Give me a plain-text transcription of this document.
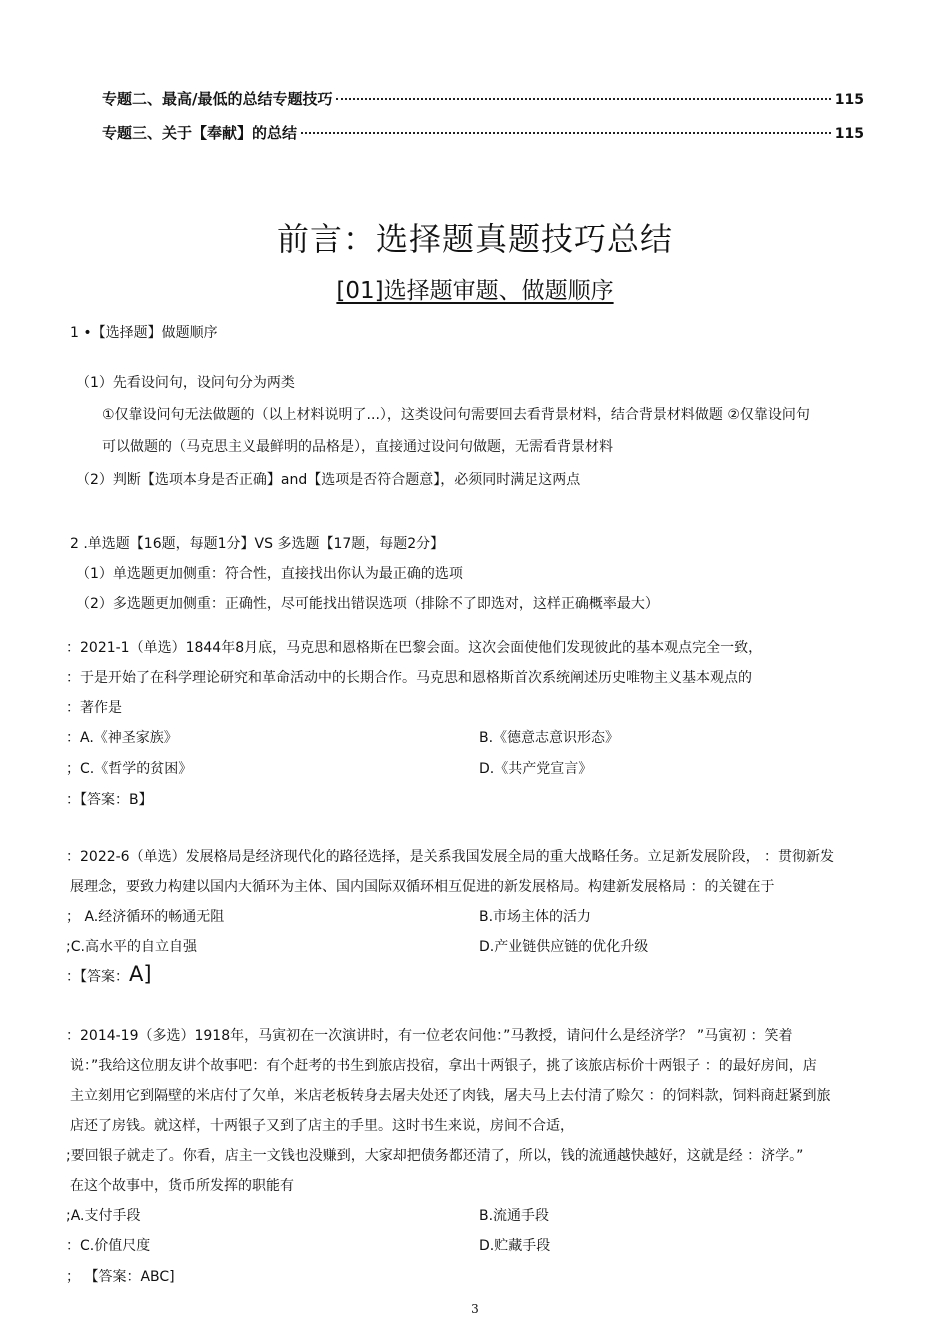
专题二、最高/最低的总结专题技巧	115
专题三、关于【奉献】的总结	115
前言：选择题真题技巧总结
[01]选择题审题、做题顺序
1 •【选择题】做题顺序
（1）先看设问句，设问句分为两类
①仅靠设问句无法做题的（以上材料说明了...），这类设问句需要回去看背景材料，结合背景材料做题 ②仅靠设问句
可以做题的（马克思主义最鲜明的品格是），直接通过设问句做题，无需看背景材料
（2）判断【选项本身是否正确】and【选项是否符合题意】，必须同时满足这两点
2 .单选题【16题，每题1分】VS 多选题【17题，每题2分】
（1）单选题更加侧重：符合性，直接找出你认为最正确的选项
（2）多选题更加侧重：正确性，尽可能找出错误选项（排除不了即选对，这样正确概率最大）
：2021-1（单选）1844年8月底，马克思和恩格斯在巴黎会面。这次会面使他们发现彼此的基本观点完全一致，
：于是开始了在科学理论研究和革命活动中的长期合作。马克思和恩格斯首次系统阐述历史唯物主义基本观点的
：著作是
：A.《神圣家族》	B.《德意志意识形态》
；C.《哲学的贫困》	D.《共产党宣言》
：【答案：B】
：2022-6（单选）发展格局是经济现代化的路径选择，是关系我国发展全局的重大战略任务。立足新发展阶段， ：贯彻新发
展理念，要致力构建以国内大循环为主体、国内国际双循环相互促进的新发展格局。构建新发展格局 ：的关键在于
； A.经济循环的畅通无阻	B.市场主体的活力
;C.高水平的自立自强	D.产业链供应链的优化升级
：【答案：A]
：2014-19（多选）1918年，马寅初在一次演讲时，有一位老农问他：”马教授，请问什么是经济学？ ”马寅初 ：笑着
说：”我给这位朋友讲个故事吧：有个赶考的书生到旅店投宿，拿出十两银子，挑了该旅店标价十两银子 ：的最好房间，店
主立刻用它到隔壁的米店付了欠单，米店老板转身去屠夫处还了肉钱，屠夫马上去付清了赊欠 ：的饲料款，饲料商赶紧到旅
店还了房钱。就这样，十两银子又到了店主的手里。这时书生来说，房间不合适，
;要回银子就走了。你看，店主一文钱也没赚到，大家却把债务都还清了，所以，钱的流通越快越好，这就是经 ：济学。”
在这个故事中，货币所发挥的职能有
;A.支付手段	B.流通手段
：C.价值尺度	D.贮藏手段
； 【答案：ABC]
3
